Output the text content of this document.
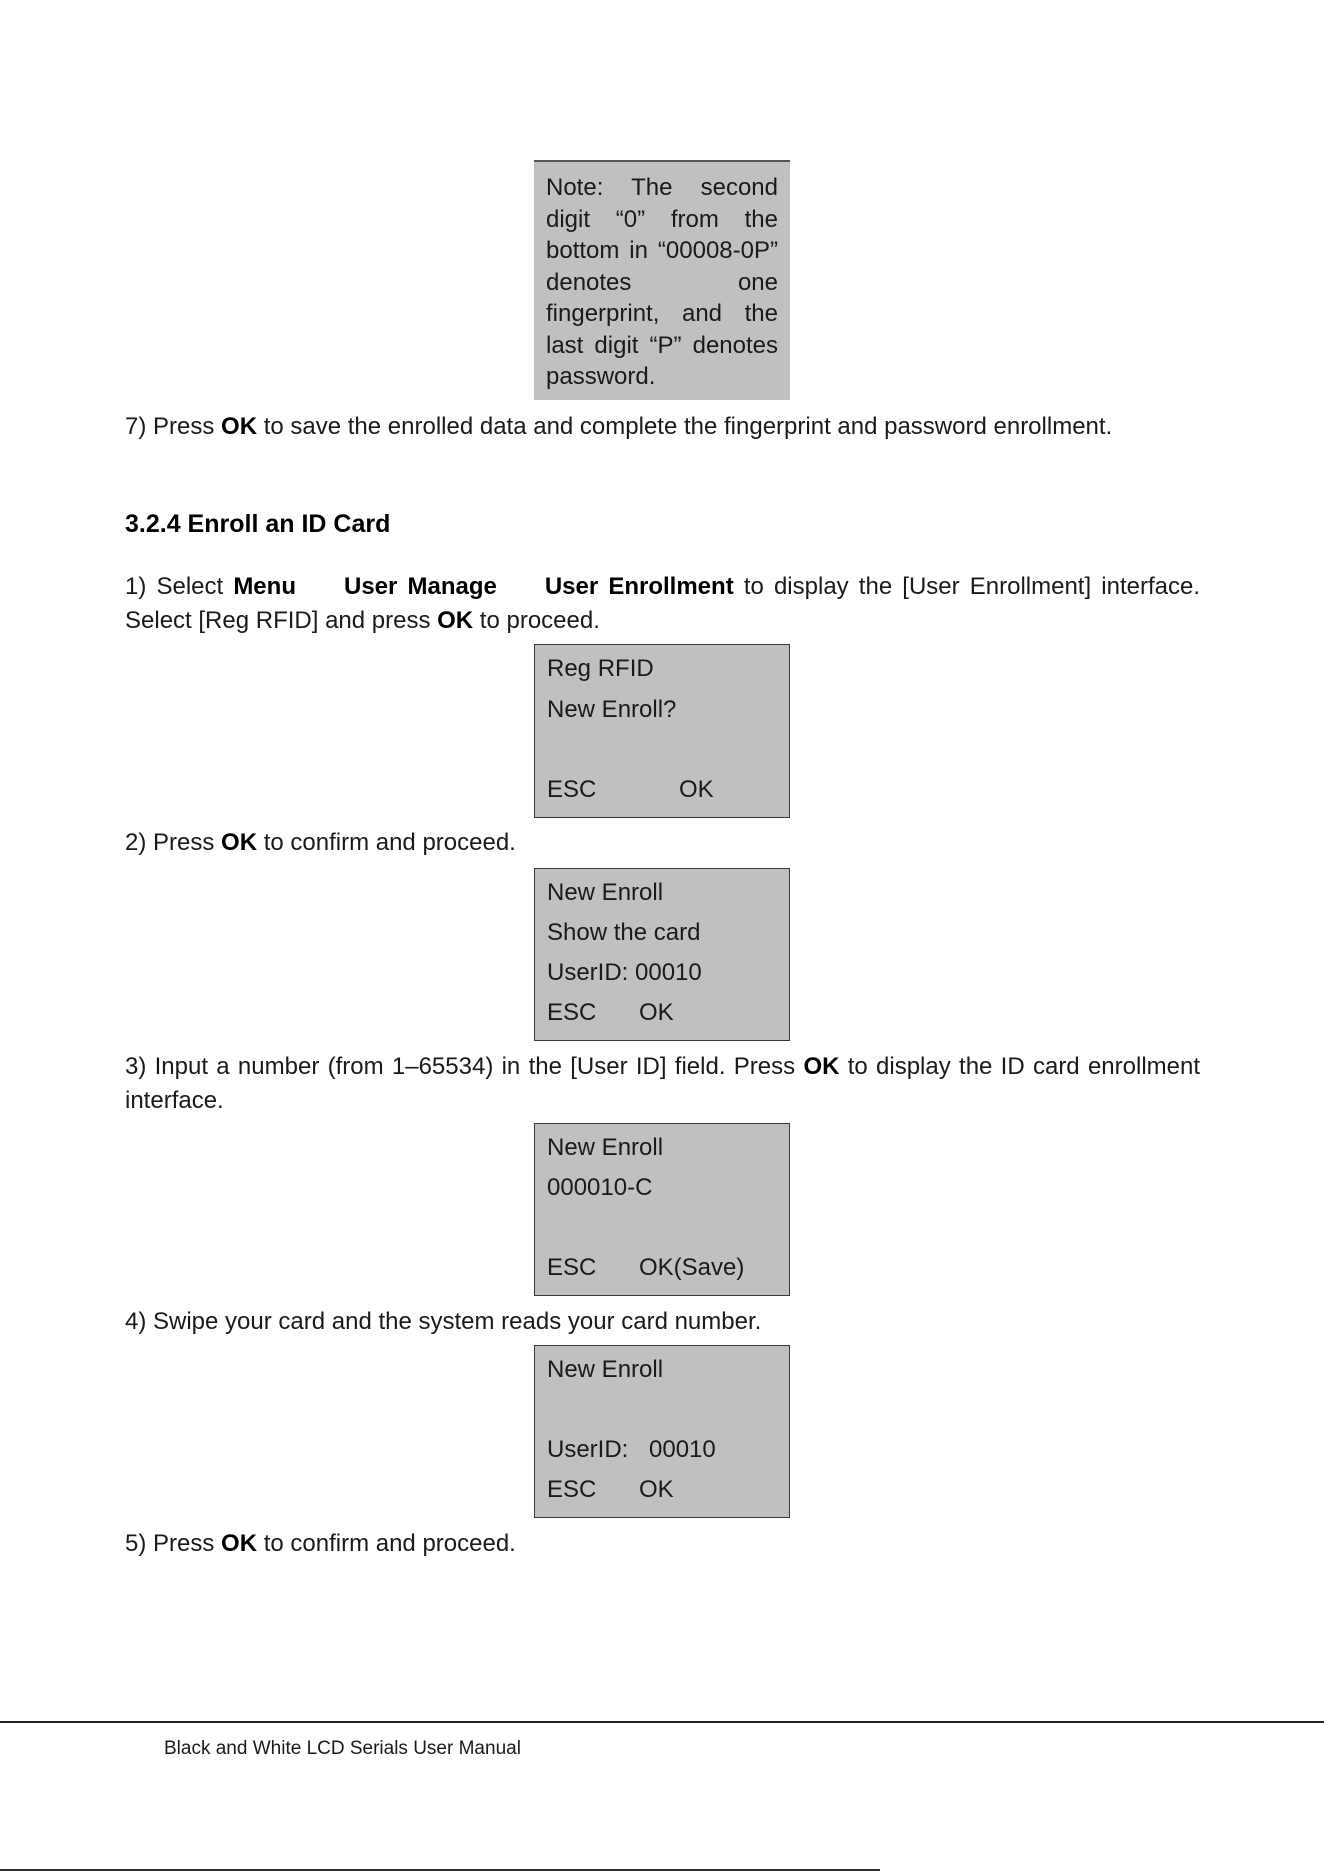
Note: The second digit “0” from the bottom in “00008-0P” denotes one fingerprint, and the last digit “P” denotes password.
7) Press OK to save the enrolled data and complete the fingerprint and password enrollment.
3.2.4 Enroll an ID Card
1) Select Menu User Manage User Enrollment to display the [User Enrollment] interface. Select [Reg RFID] and press OK to proceed.
Reg RFID
New Enroll?
ESC	OK
2) Press OK to confirm and proceed.
New Enroll
Show the card
UserID: 00010
ESC OK
3) Input a number (from 1–65534) in the [User ID] field. Press OK to display the ID card enrollment interface.
New Enroll
000010-C
ESC OK(Save)
4) Swipe your card and the system reads your card number.
New Enroll
UserID: 00010
ESC OK
5) Press OK to confirm and proceed.
Black and White LCD Serials User Manual
